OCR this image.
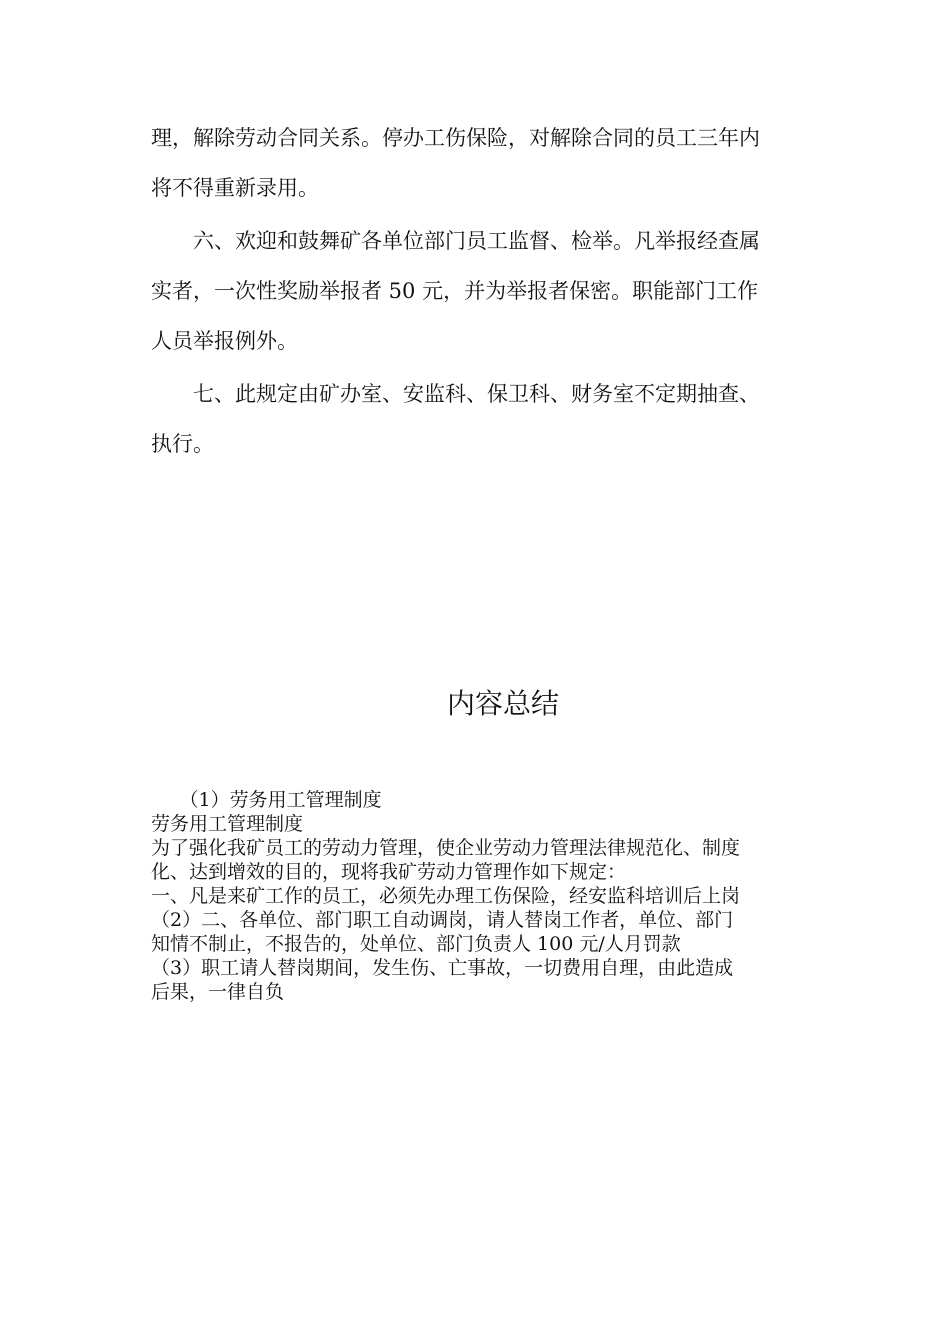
理，解除劳动合同关系。停办工伤保险，对解除合同的员工三年内
将不得重新录用。
　　六、欢迎和鼓舞矿各单位部门员工监督、检举。凡举报经查属
实者，一次性奖励举报者 50 元，并为举报者保密。职能部门工作
人员举报例外。
　　七、此规定由矿办室、安监科、保卫科、财务室不定期抽查、
执行。
内容总结
　　（1）劳务用工管理制度
劳务用工管理制度
为了强化我矿员工的劳动力管理，使企业劳动力管理法律规范化、制度
化、达到增效的目的，现将我矿劳动力管理作如下规定：
一、凡是来矿工作的员工，必须先办理工伤保险，经安监科培训后上岗
（2）二、各单位、部门职工自动调岗，请人替岗工作者，单位、部门
知情不制止，不报告的，处单位、部门负责人 100 元/人月罚款
（3）职工请人替岗期间，发生伤、亡事故，一切费用自理，由此造成
后果，一律自负
